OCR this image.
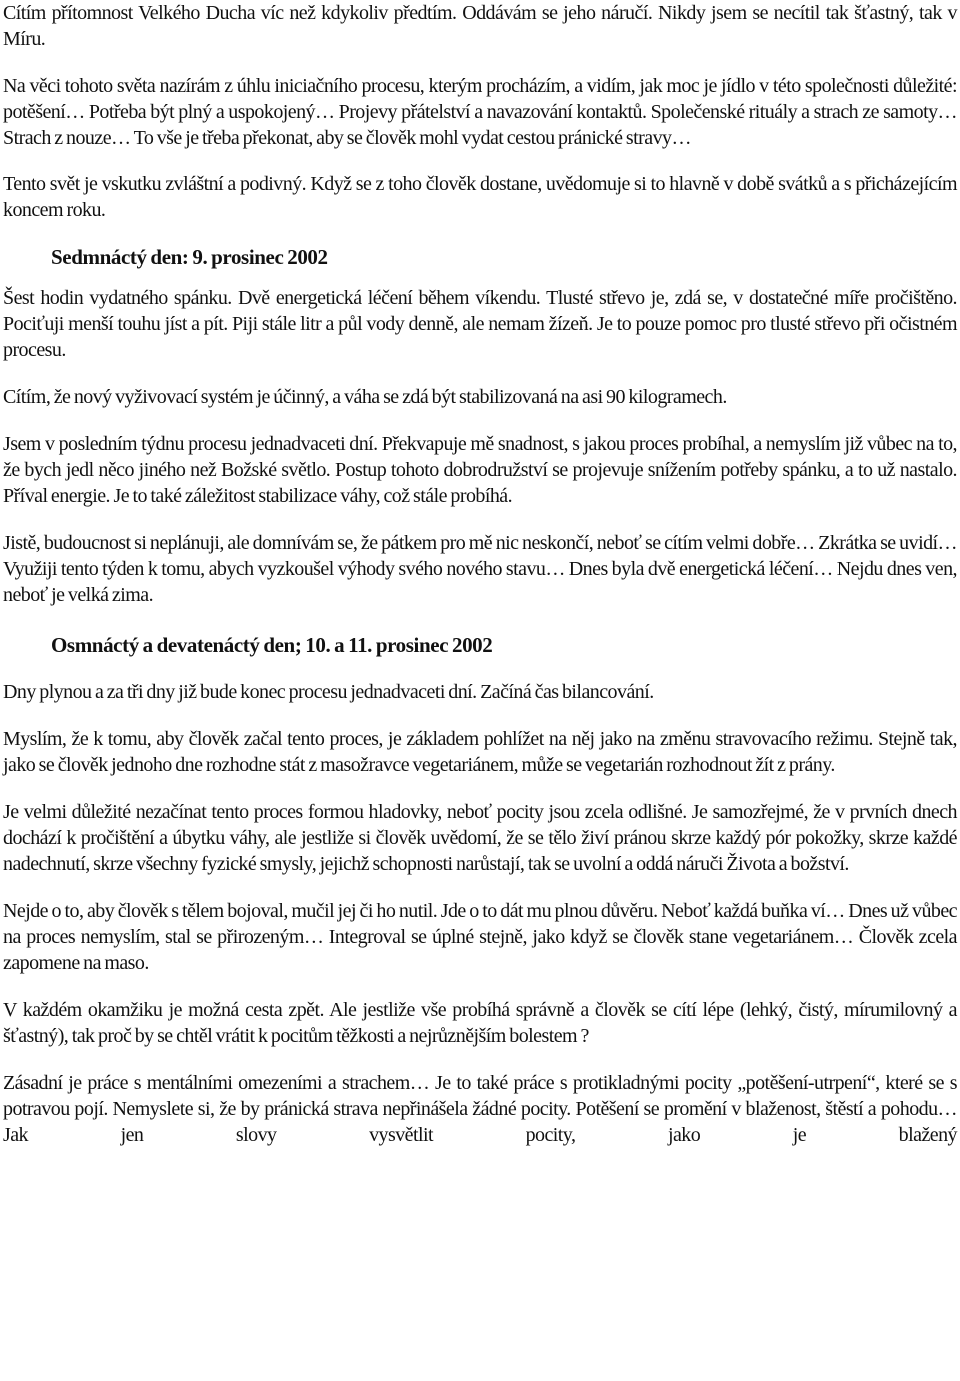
Cítím přítomnost Velkého Ducha víc než kdykoliv předtím. Oddávám se jeho náručí. Nikdy jsem se necítil tak šťastný, tak v Míru.

Na věci tohoto světa nazírám z úhlu iniciačního procesu, kterým procházím, a vidím, jak moc je jídlo v této společnosti důležité: potěšení… Potřeba být plný a uspokojený… Projevy přátelství a navazování kontaktů. Společenské rituály a strach ze samoty… Strach z nouze… To vše je třeba překonat, aby se člověk mohl vydat cestou pránické stravy…

Tento svět je vskutku zvláštní a podivný. Když se z toho člověk dostane, uvědomuje si to hlavně v době svátků a s přicházejícím koncem roku.

Sedmnáctý den: 9. prosinec 2002

Šest hodin vydatného spánku. Dvě energetická léčení během víkendu. Tlusté střevo je, zdá se, v dostatečné míře pročištěno. Pociťuji menší touhu jíst a pít. Piji stále litr a půl vody denně, ale nemam žízeň. Je to pouze pomoc pro tlusté střevo při očistném procesu.

Cítím, že nový vyživovací systém je účinný, a váha se zdá být stabilizovaná na asi 90 kilogramech.

Jsem v posledním týdnu procesu jednadvaceti dní. Překvapuje mě snadnost, s jakou proces probíhal, a nemyslím již vůbec na to, že bych jedl něco jiného než Božské světlo. Postup tohoto dobrodružství se projevuje snížením potřeby spánku, a to už nastalo. Příval energie. Je to také záležitost stabilizace váhy, což stále probíhá.

Jistě, budoucnost si neplánuji, ale domnívám se, že pátkem pro mě nic neskončí, neboť se cítím velmi dobře… Zkrátka se uvidí… Využiji tento týden k tomu, abych vyzkoušel výhody svého nového stavu… Dnes byla dvě energetická léčení… Nejdu dnes ven, neboť je velká zima.

Osmnáctý a devatenáctý den; 10. a 11. prosinec 2002

Dny plynou a za tři dny již bude konec procesu jednadvaceti dní. Začíná čas bilancování.

Myslím, že k tomu, aby člověk začal tento proces, je základem pohlížet na něj jako na změnu stravovacího režimu. Stejně tak, jako se člověk jednoho dne rozhodne stát z masožravce vegetariánem, může se vegetarián rozhodnout žít z prány.

Je velmi důležité nezačínat tento proces formou hladovky, neboť pocity jsou zcela odlišné. Je samozřejmé, že v prvních dnech dochází k pročištění a úbytku váhy, ale jestliže si člověk uvědomí, že se tělo živí pránou skrze každý pór pokožky, skrze každé nadechnutí, skrze všechny fyzické smysly, jejichž schopnosti narůstají, tak se uvolní a oddá náruči Života a božství.

Nejde o to, aby člověk s tělem bojoval, mučil jej či ho nutil. Jde o to dát mu plnou důvěru. Neboť každá buňka ví… Dnes už vůbec na proces nemyslím, stal se přirozeným… Integroval se úplné stejně, jako když se člověk stane vegetariánem… Člověk zcela zapomene na maso.

V každém okamžiku je možná cesta zpět. Ale jestliže vše probíhá správně a člověk se cítí lépe (lehký, čistý, mírumilovný a šťastný), tak proč by se chtěl vrátit k pocitům těžkosti a nejrůznějším bolestem ?

Zásadní je práce s mentálními omezeními a strachem… Je to také práce s protikladnými pocity „potěšení-utrpení“, které se s potravou pojí. Nemyslete si, že by pránická strava nepřinášela žádné pocity. Potěšení se promění v blaženost, štěstí a pohodu… Jak jen slovy vysvětlit pocity, jako je blažený
